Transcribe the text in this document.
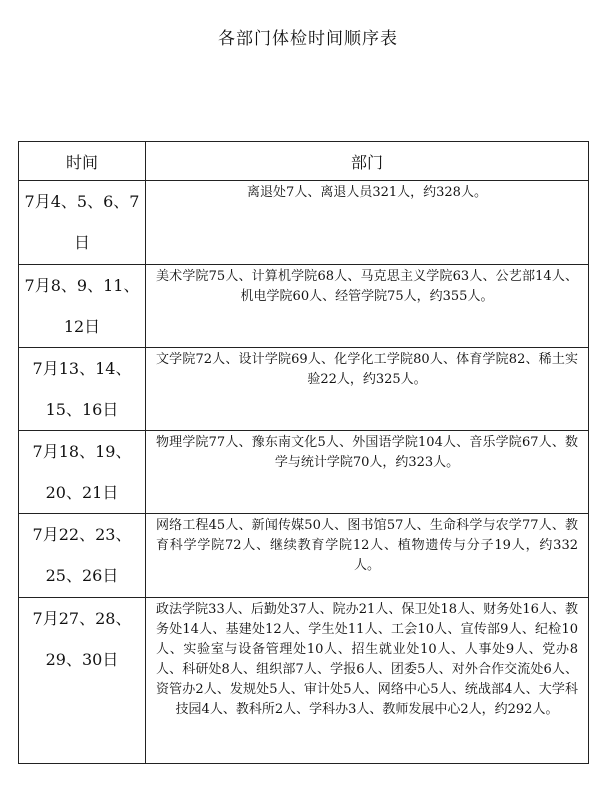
各部门体检时间顺序表
时间	部门
7月4、5、6、7日	离退处7人、离退人员321人，约328人。
7月8、9、11、12日	美术学院75人、计算机学院68人、马克思主义学院63人、公艺部14人、机电学院60人、经管学院75人，约355人。
7月13、14、15、16日	文学院72人、设计学院69人、化学化工学院80人、体育学院82、稀土实验22人，约325人。
7月18、19、20、21日	物理学院77人、豫东南文化5人、外国语学院104人、音乐学院67人、数学与统计学院70人，约323人。
7月22、23、25、26日	网络工程45人、新闻传媒50人、图书馆57人、生命科学与农学77人、教育科学学院72人、继续教育学院12人、植物遗传与分子19人，约332人。
7月27、28、29、30日	政法学院33人、后勤处37人、院办21人、保卫处18人、财务处16人、教务处14人、基建处12人、学生处11人、工会10人、宣传部9人、纪检10人、实验室与设备管理处10人、招生就业处10人、人事处9人、党办8人、科研处8人、组织部7人、学报6人、团委5人、对外合作交流处6人、资管办2人、发规处5人、审计处5人、网络中心5人、统战部4人、大学科技园4人、教科所2人、学科办3人、教师发展中心2人，约292人。
